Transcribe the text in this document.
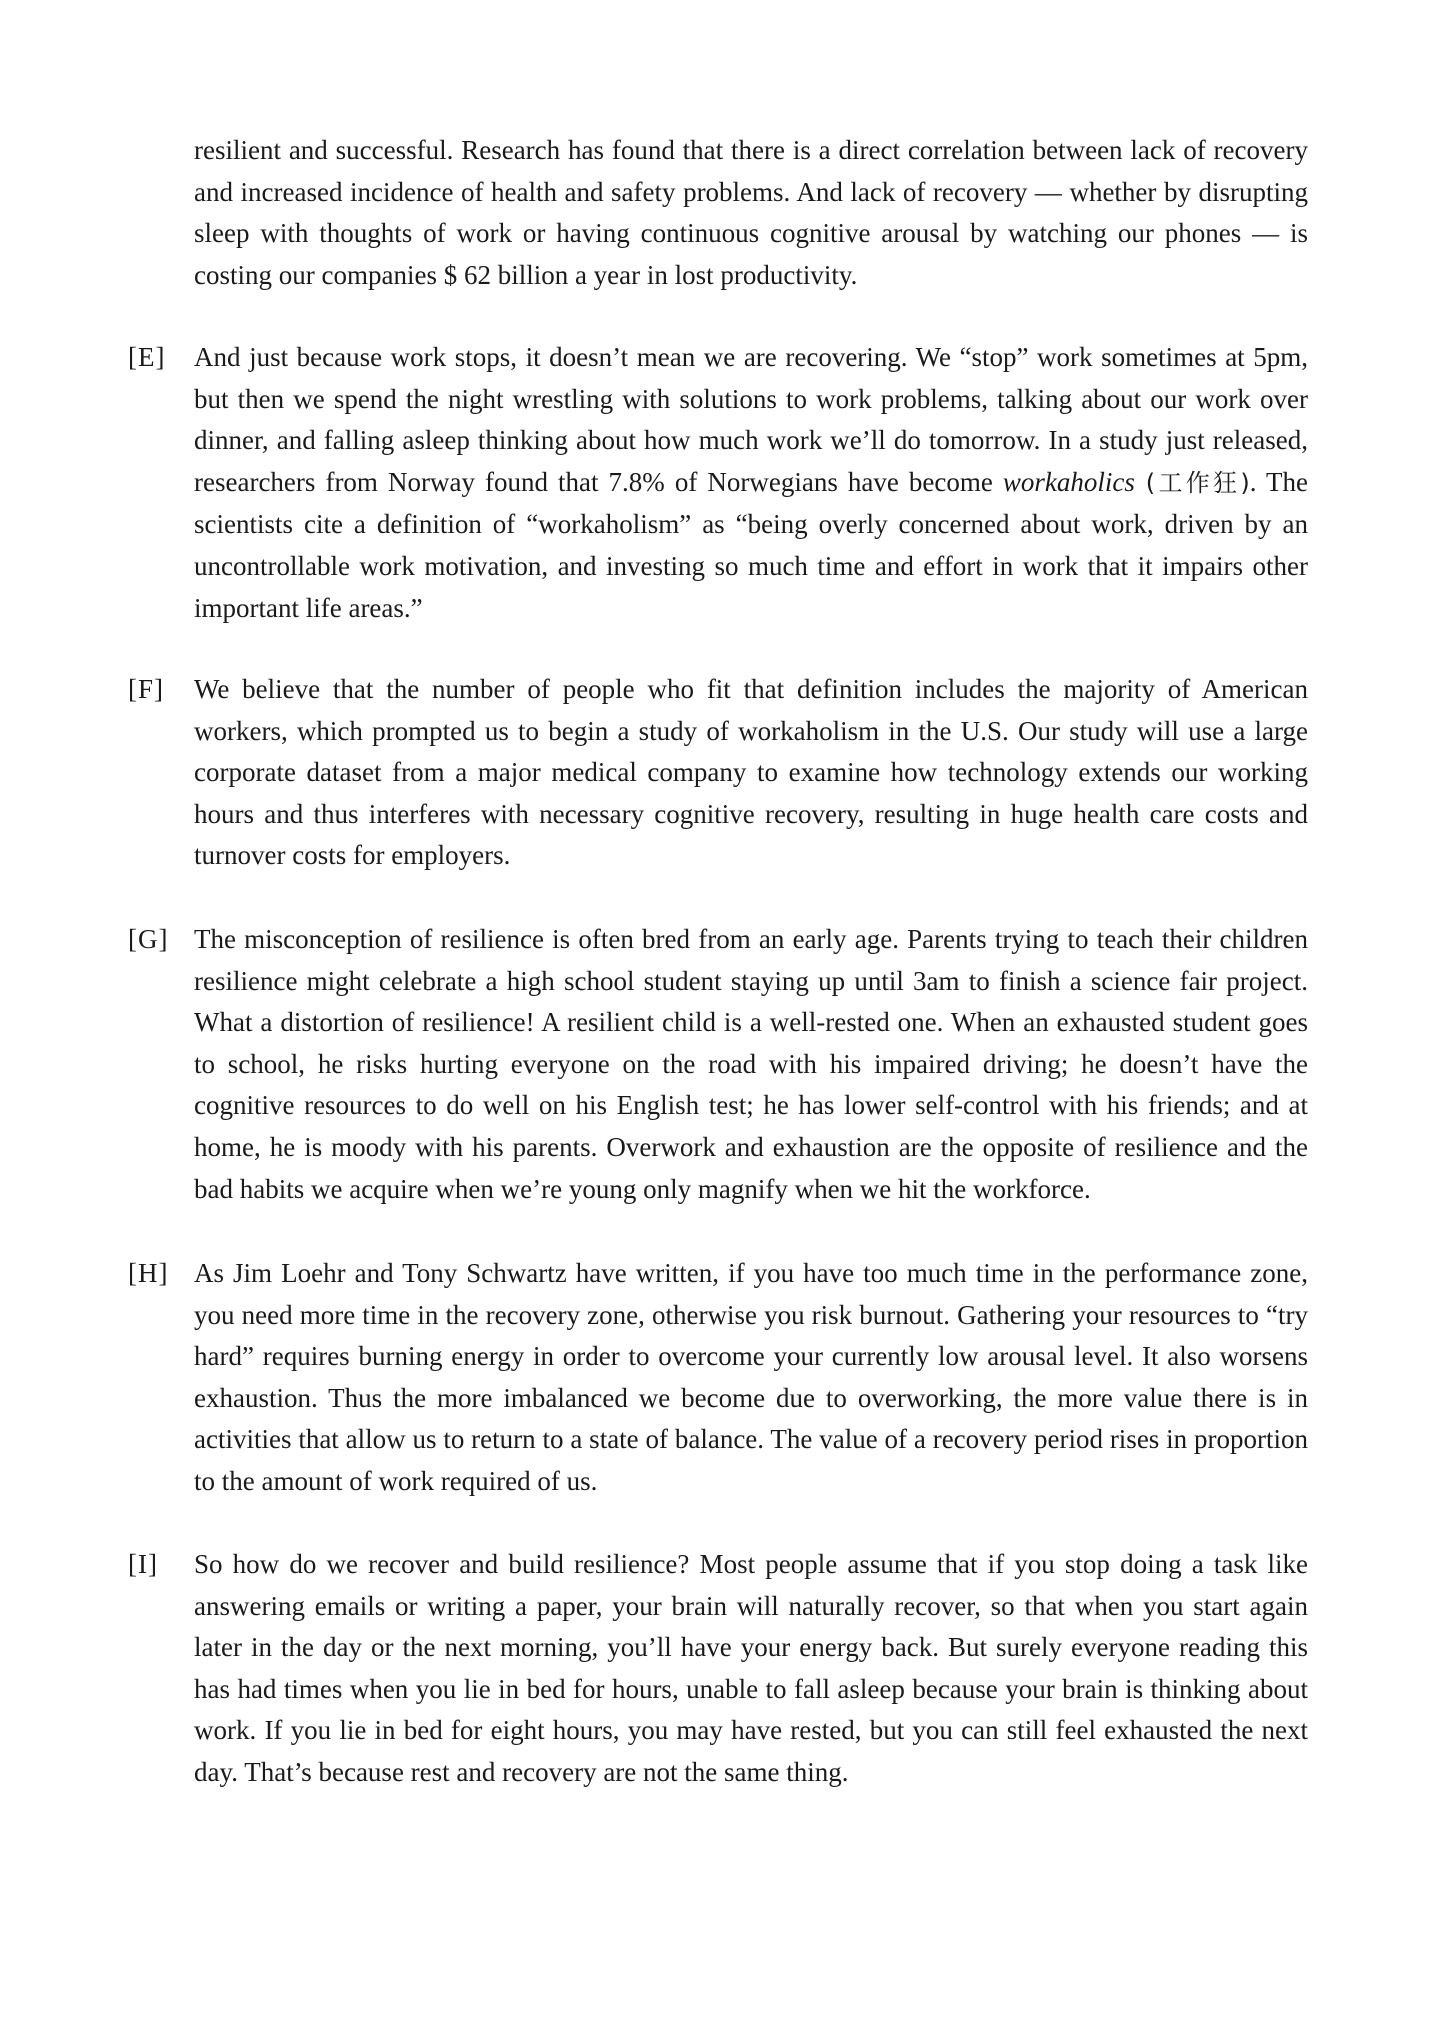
resilient and successful. Research has found that there is a direct correlation between lack of recovery and increased incidence of health and safety problems. And lack of recovery — whether by disrupting sleep with thoughts of work or having continuous cognitive arousal by watching our phones — is costing our companies $ 62 billion a year in lost productivity.
[E]	And just because work stops, it doesn’t mean we are recovering. We “stop” work sometimes at 5pm, but then we spend the night wrestling with solutions to work problems, talking about our work over dinner, and falling asleep thinking about how much work we’ll do tomorrow. In a study just released, researchers from Norway found that 7.8% of Norwegians have become workaholics (工作狂). The scientists cite a definition of “workaholism” as “being overly concerned about work, driven by an uncontrollable work motivation, and investing so much time and effort in work that it impairs other important life areas.”
[F]	We believe that the number of people who fit that definition includes the majority of American workers, which prompted us to begin a study of workaholism in the U.S. Our study will use a large corporate dataset from a major medical company to examine how technology extends our working hours and thus interferes with necessary cognitive recovery, resulting in huge health care costs and turnover costs for employers.
[G] The misconception of resilience is often bred from an early age. Parents trying to teach their children resilience might celebrate a high school student staying up until 3am to finish a science fair project. What a distortion of resilience! A resilient child is a well-rested one. When an exhausted student goes to school, he risks hurting everyone on the road with his impaired driving; he doesn’t have the cognitive resources to do well on his English test; he has lower self-control with his friends; and at home, he is moody with his parents. Overwork and exhaustion are the opposite of resilience and the bad habits we acquire when we’re young only magnify when we hit the workforce.
[H] As Jim Loehr and Tony Schwartz have written, if you have too much time in the performance zone, you need more time in the recovery zone, otherwise you risk burnout. Gathering your resources to “try hard” requires burning energy in order to overcome your currently low arousal level. It also worsens exhaustion. Thus the more imbalanced we become due to overworking, the more value there is in activities that allow us to return to a state of balance. The value of a recovery period rises in proportion to the amount of work required of us.
[I]	So how do we recover and build resilience? Most people assume that if you stop doing a task like answering emails or writing a paper, your brain will naturally recover, so that when you start again later in the day or the next morning, you’ll have your energy back. But surely everyone reading this has had times when you lie in bed for hours, unable to fall asleep because your brain is thinking about work. If you lie in bed for eight hours, you may have rested, but you can still feel exhausted the next day. That’s because rest and recovery are not the same thing.
